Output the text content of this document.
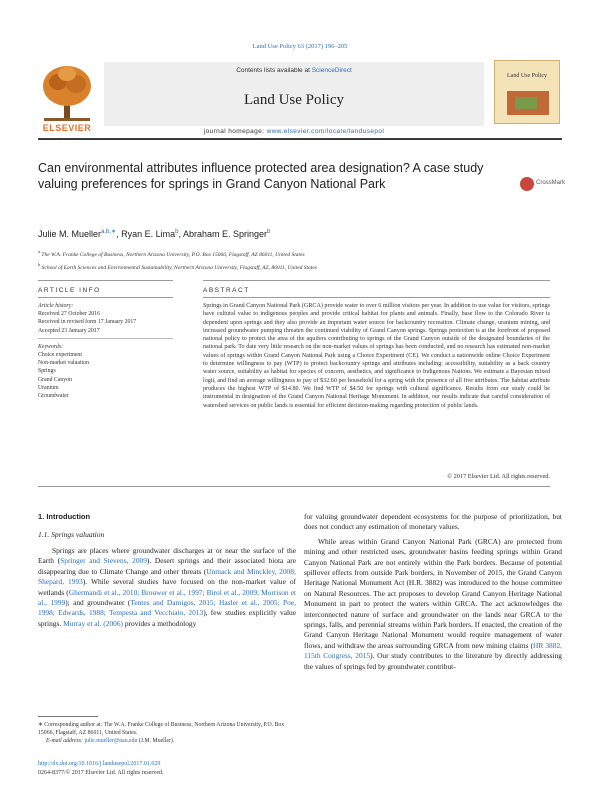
Land Use Policy 63 (2017) 196–205
ELSEVIER
Contents lists available at ScienceDirect
Land Use Policy
journal homepage: www.elsevier.com/locate/landusepol
Land Use Policy
Can environmental attributes influence protected area designation? A case study valuing preferences for springs in Grand Canyon National Park	CrossMark
Julie M. Mueller$^{a,b,∗}$, Ryan E. Lima$^b$, Abraham E. Springer$^b$
$^a$ The W.A. Franke College of Business, Northern Arizona University, P.O. Box 15066, Flagstaff, AZ 86011, United States
$^b$ School of Earth Sciences and Environmental Sustainability, Northern Arizona University, Flagstaff, AZ, 86011, United States
ARTICLE INFO	ABSTRACT
Article history:
Received 27 October 2016
Received in revised form 17 January 2017
Accepted 23 January 2017
Keywords:
Choice experiment
Non-market valuation
Springs
Grand Canyon
Uranium
Groundwater
Springs in Grand Canyon National Park (GRCA) provide water to over 6 million visitors per year. In addition to use value for visitors, springs have cultural value to indigenous peoples and provide critical habitat for plants and animals. Finally, base flow to the Colorado River is dependent upon springs and they also provide an important water source for backcountry recreation. Climate change, uranium mining, and increased groundwater pumping threaten the continued viability of Grand Canyon springs. Springs protection is at the forefront of proposed national policy to protect the area of the aquifers contributing to springs of the Grand Canyon outside of the designated boundaries of the national park. To date very little research on the non-market values of springs has been conducted, and no research has estimated non-market values of springs within Grand Canyon National Park using a Choice Experiment (CE). We conduct a nationwide online Choice Experiment to determine willingness to pay (WTP) to protect backcountry springs and attributes including: accessibility, suitability as a back country water source, suitability as habitat for species of concern, aesthetics, and significance to Indigenous Nations. We estimate a Bayesian mixed logit, and find an average willingness to pay of $32.60 per household for a spring with the presence of all five attributes. The habitat attribute produces the highest WTP of $14.80. We find WTP of $4.50 for springs with cultural significance. Results from our study could be instrumental in designation of the Grand Canyon National Heritage Monument. In addition, our results indicate that careful consideration of watershed services on public lands is essential for efficient decision-making regarding protection of public lands.
© 2017 Elsevier Ltd. All rights reserved.
1. Introduction
1.1. Springs valuation

Springs are places where groundwater discharges at or near the surface of the Earth (Springer and Stevens, 2009). Desert springs and their associated biota are disappearing due to Climate Change and other threats (Unmack and Minckley, 2008; Shepard, 1993). While several studies have focused on the non-market value of wetlands (Ghermandi et al., 2010; Brouwer et al., 1997; Birol et al., 2009; Morrison et al., 1999); and groundwater (Tentes and Damigos, 2015; Hasler et al., 2005; Poe, 1998; Edwards, 1988; Tempesta and Vecchiato, 2013), few studies explicitly value springs. Murray et al. (2006) provides a methodology

for valuing groundwater dependent ecosystems for the purpose of prioritization, but does not conduct any estimation of monetary values.

While areas within Grand Canyon National Park (GRCA) are protected from mining and other restricted uses, groundwater basins feeding springs within Grand Canyon National Park are not entirely within the Park borders. Because of potential spillover effects from outside Park borders, in November of 2015, the Grand Canyon Heritage National Monument Act (H.R. 3882) was introduced to the house committee on Natural Resources. The act proposes to develop Grand Canyon Heritage National Monument in part to protect the waters within GRCA. The act acknowledges the interconnected nature of surface and groundwater on the lands near GRCA to the springs, falls, and perennial streams within Park borders. If enacted, the creation of the Grand Canyon Heritage National Monument would require management of water flows, and withdraw the areas surrounding GRCA from new mining claims (HR 3882, 115th Congress, 2015). Our study contributes to the literature by directly addressing the values of springs fed by groundwater contribut-

∗ Corresponding author at: The W.A. Franke College of Business, Northern Arizona University, P.O. Box 15066, Flagstaff, AZ 86011, United States.
E-mail address: julie.mueller@nau.edu (J.M. Mueller).
http://dx.doi.org/10.1016/j.landusepol.2017.01.029
0264-8377/© 2017 Elsevier Ltd. All rights reserved.
